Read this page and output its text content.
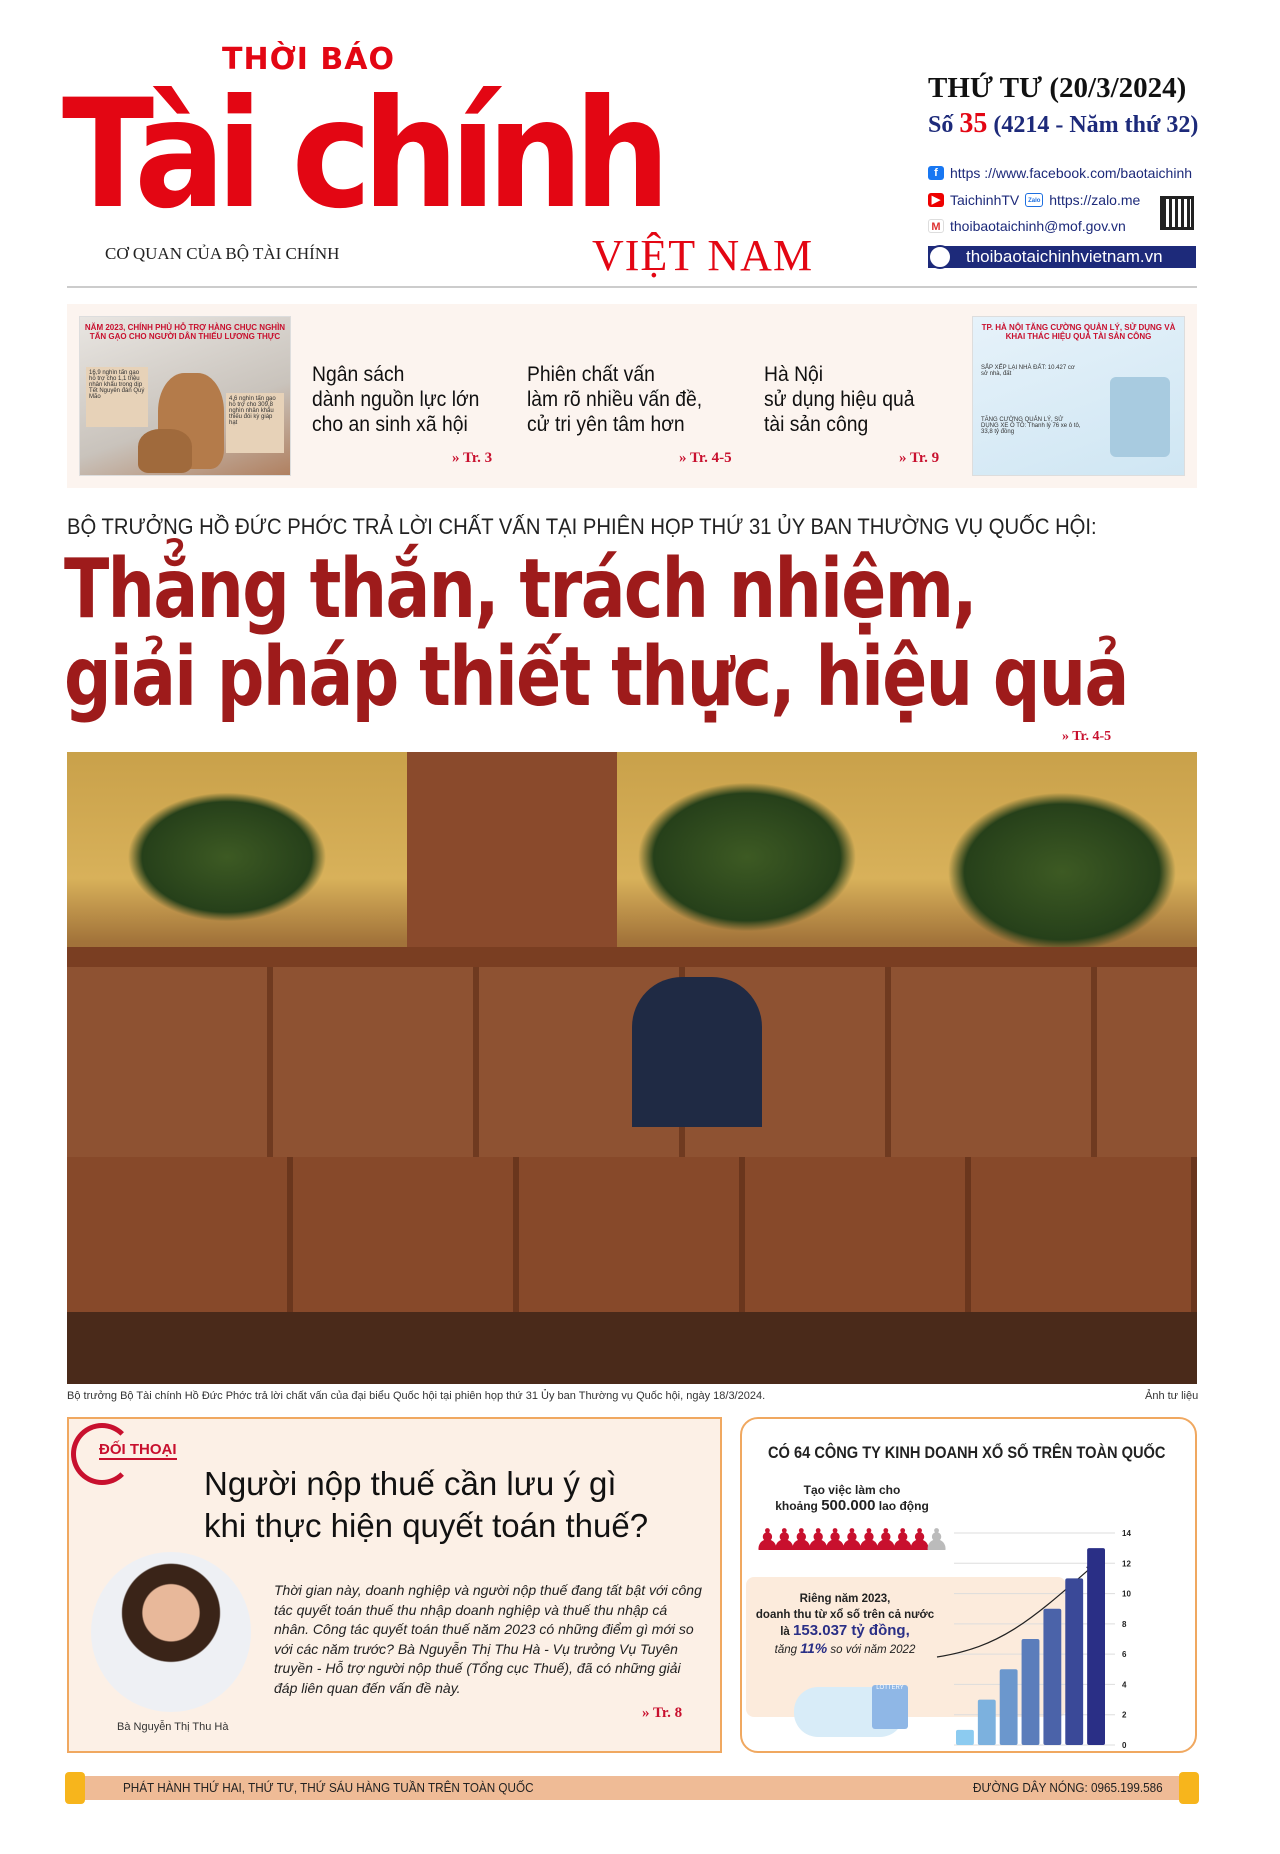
THỜI BÁO
Tài chính
VIỆT NAM
CƠ QUAN CỦA BỘ TÀI CHÍNH
THỨ TƯ (20/3/2024)
Số 35 (4214 - Năm thứ 32)
f https ://www.facebook.com/baotaichinh
▶ TaichinhTV	Zalo https://zalo.me
M thoibaotaichinh@mof.gov.vn
thoibaotaichinhvietnam.vn
NĂM 2023, CHÍNH PHỦ HỖ TRỢ HÀNG CHỤC NGHÌN TẤN GẠO CHO NGƯỜI DÂN THIẾU LƯƠNG THỰC
16,9 nghìn tấn gạo hỗ trợ cho 1,1 triệu nhân khẩu trong dịp Tết Nguyên đán Quý Mão	4,6 nghìn tấn gạo hỗ trợ cho 309,8 nghìn nhân khẩu thiếu đói kỳ giáp hạt
Ngân sách
dành nguồn lực lớn
cho an sinh xã hội
» Tr. 3
Phiên chất vấn
làm rõ nhiều vấn đề,
cử tri yên tâm hơn
» Tr. 4-5
Hà Nội
sử dụng hiệu quả
tài sản công
» Tr. 9
TP. HÀ NỘI TĂNG CƯỜNG QUẢN LÝ, SỬ DỤNG VÀ KHAI THÁC HIỆU QUẢ TÀI SẢN CÔNG
SẮP XẾP LẠI NHÀ ĐẤT: 10.427 cơ sở nhà, đất
TĂNG CƯỜNG QUẢN LÝ, SỬ DỤNG XE Ô TÔ: Thanh lý 76 xe ô tô, 33,8 tỷ đồng
BỘ TRƯỞNG HỒ ĐỨC PHỚC TRẢ LỜI CHẤT VẤN TẠI PHIÊN HỌP THỨ 31 ỦY BAN THƯỜNG VỤ QUỐC HỘI:
Thẳng thắn, trách nhiệm,
giải pháp thiết thực, hiệu quả
» Tr. 4-5
Bộ trưởng Bộ Tài chính Hồ Đức Phớc trả lời chất vấn của đại biểu Quốc hội tại phiên họp thứ 31 Ủy ban Thường vụ Quốc hội, ngày 18/3/2024.	Ảnh tư liệu
ĐỐI THOẠI
Người nộp thuế cần lưu ý gì
khi thực hiện quyết toán thuế?
Bà Nguyễn Thị Thu Hà
Thời gian này, doanh nghiệp và người nộp thuế đang tất bật với công tác quyết toán thuế thu nhập doanh nghiệp và thuế thu nhập cá nhân. Công tác quyết toán thuế năm 2023 có những điểm gì mới so với các năm trước? Bà Nguyễn Thị Thu Hà - Vụ trưởng Vụ Tuyên truyền - Hỗ trợ người nộp thuế (Tổng cục Thuế), đã có những giải đáp liên quan đến vấn đề này.
» Tr. 8
CÓ 64 CÔNG TY KINH DOANH XỔ SỐ TRÊN TOÀN QUỐC
Tạo việc làm cho
khoảng 500.000 lao động
♟♟♟♟♟♟♟♟♟♟♟
Riêng năm 2023,
doanh thu từ xổ số trên cả nước
là 153.037 tỷ đồng,
tăng 11% so với năm 2022
LOTTERY
0
2
4
6
8
10
12
14
PHÁT HÀNH THỨ HAI, THỨ TƯ, THỨ SÁU HÀNG TUẦN TRÊN TOÀN QUỐC	ĐƯỜNG DÂY NÓNG: 0965.199.586
